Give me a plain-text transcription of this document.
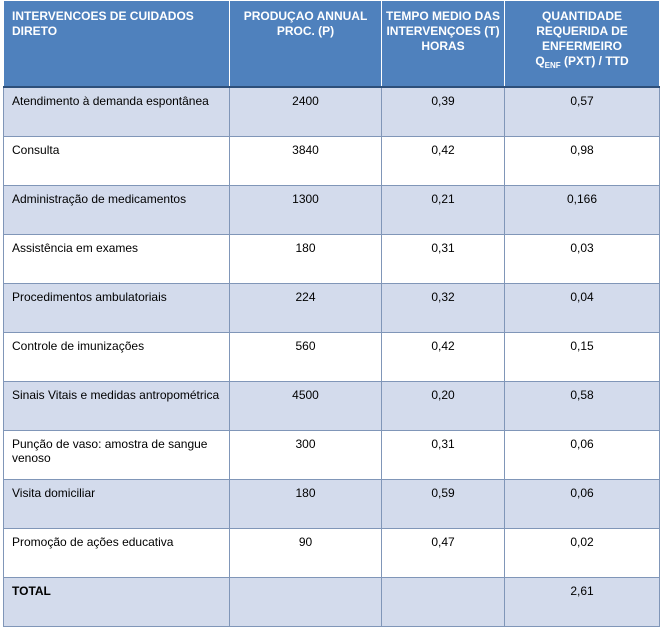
INTERVENCOES DE CUIDADOS DIRETO	PRODUÇAO ANNUAL PROC. (P)	TEMPO MEDIO DAS INTERVENÇOES (T) HORAS	QUANTIDADE REQUERIDA DE ENFERMEIRO
$Q_{ENF}$ (PXT) / TTD
Atendimento à demanda espontânea	2400	0,39	0,57
Consulta	3840	0,42	0,98
Administração de medicamentos	1300	0,21	0,166
Assistência em exames	180	0,31	0,03
Procedimentos ambulatoriais	224	0,32	0,04
Controle de imunizações	560	0,42	0,15
Sinais Vitais e medidas antropométrica	4500	0,20	0,58
Punção de vaso: amostra de sangue venoso	300	0,31	0,06
Visita domiciliar	180	0,59	0,06
Promoção de ações educativa	90	0,47	0,02
TOTAL			2,61
